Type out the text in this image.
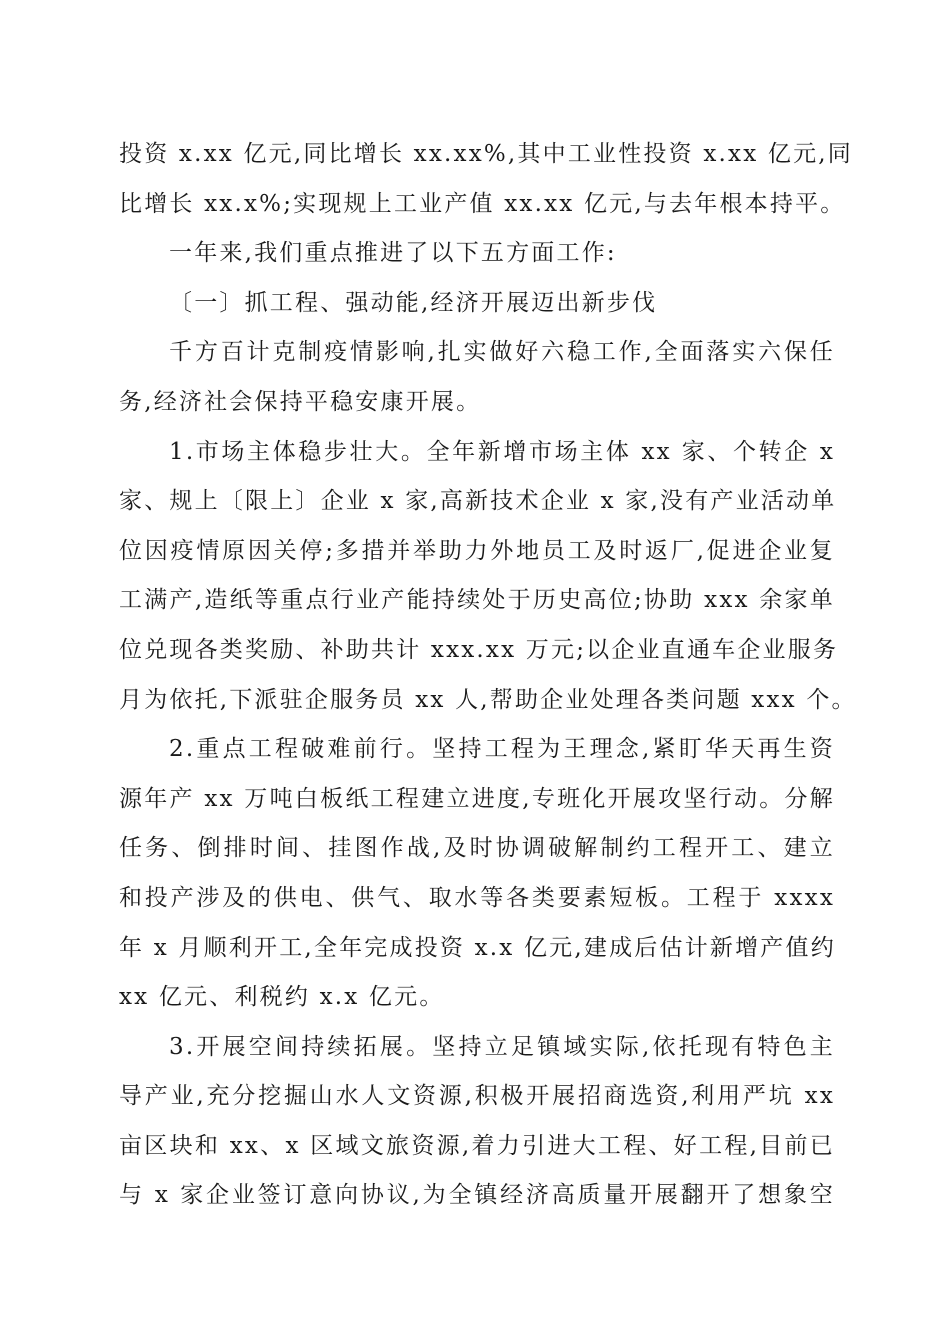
投资 x.xx 亿元,同比增长 xx.xx%,其中工业性投资 x.xx 亿元,同
比增长 xx.x%;实现规上工业产值 xx.xx 亿元,与去年根本持平。
一年来,我们重点推进了以下五方面工作:
〔一〕抓工程、强动能,经济开展迈出新步伐
千方百计克制疫情影响,扎实做好六稳工作,全面落实六保任
务,经济社会保持平稳安康开展。
1.市场主体稳步壮大。全年新增市场主体 xx 家、个转企 x
家、规上〔限上〕企业 x 家,高新技术企业 x 家,没有产业活动单
位因疫情原因关停;多措并举助力外地员工及时返厂,促进企业复
工满产,造纸等重点行业产能持续处于历史高位;协助 xxx 余家单
位兑现各类奖励、补助共计 xxx.xx 万元;以企业直通车企业服务
月为依托,下派驻企服务员 xx 人,帮助企业处理各类问题 xxx 个。
2.重点工程破难前行。坚持工程为王理念,紧盯华天再生资
源年产 xx 万吨白板纸工程建立进度,专班化开展攻坚行动。分解
任务、倒排时间、挂图作战,及时协调破解制约工程开工、建立
和投产涉及的供电、供气、取水等各类要素短板。工程于 xxxx
年 x 月顺利开工,全年完成投资 x.x 亿元,建成后估计新增产值约
xx 亿元、利税约 x.x 亿元。
3.开展空间持续拓展。坚持立足镇域实际,依托现有特色主
导产业,充分挖掘山水人文资源,积极开展招商选资,利用严坑 xx
亩区块和 xx、x 区域文旅资源,着力引进大工程、好工程,目前已
与 x 家企业签订意向协议,为全镇经济高质量开展翻开了想象空
